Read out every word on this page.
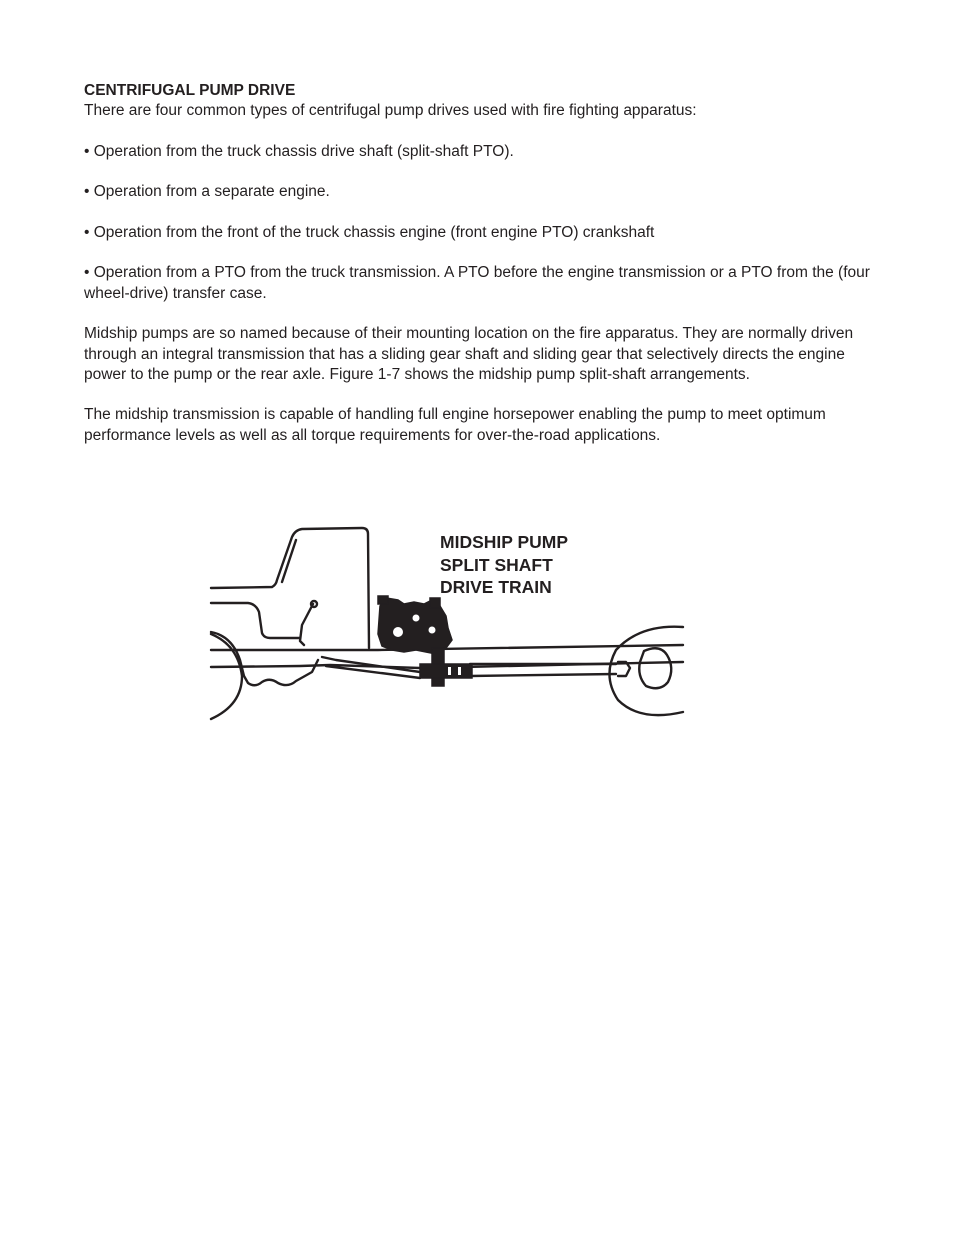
CENTRIFUGAL PUMP DRIVE

There are four common types of centrifugal pump drives used with fire fighting apparatus:

• Operation from the truck chassis drive shaft (split-shaft PTO).

• Operation from a separate engine.

• Operation from the front of the truck chassis engine (front engine PTO) crankshaft

• Operation from a PTO from the truck transmission. A PTO before the engine transmission or a PTO from the (four wheel-drive) transfer case.

Midship pumps are so named because of their mounting location on the fire apparatus. They are normally driven through an integral transmission that has a sliding gear shaft and sliding gear that selectively directs the engine power to the pump or the rear axle. Figure 1-7 shows the midship pump split-shaft arrangements.

The midship transmission is capable of handling full engine horsepower enabling the pump to meet optimum performance levels as well as all torque requirements for over-the-road applications.

MIDSHIP PUMP
SPLIT SHAFT
DRIVE TRAIN
